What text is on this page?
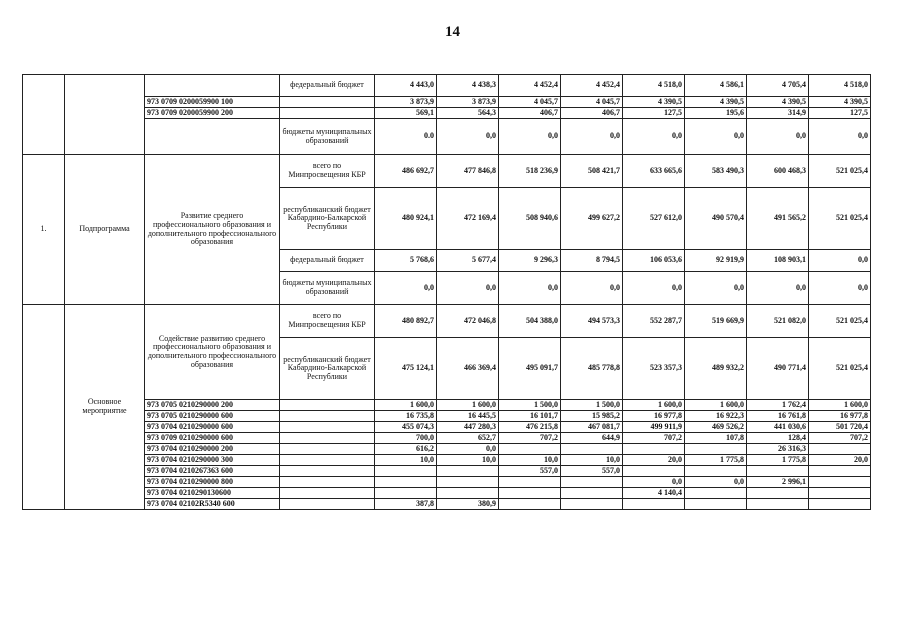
14
			федеральный бюджет	4 443,0	4 438,3	4 452,4	4 452,4	4 518,0	4 586,1	4 705,4	4 518,0
		973 0709 0200059900 100		3 873,9	3 873,9	4 045,7	4 045,7	4 390,5	4 390,5	4 390,5	4 390,5
		973 0709 0200059900 200		569,1	564,3	406,7	406,7	127,5	195,6	314,9	127,5
			бюджеты муниципальных образований	0.0	0,0	0,0	0,0	0,0	0,0	0,0	0,0
1.	Подпрограмма	Развитие среднего профессионального образования и дополнительного профессионального образования	всего по Минпросвещения КБР	486 692,7	477 846,8	518 236,9	508 421,7	633 665,6	583 490,3	600 468,3	521 025,4
			республиканский бюджет Кабардино-Балкарской Республики	480 924,1	472 169,4	508 940,6	499 627,2	527 612,0	490 570,4	491 565,2	521 025,4
			федеральный бюджет	5 768,6	5 677,4	9 296,3	8 794,5	106 053,6	92 919,9	108 903,1	0,0
			бюджеты муниципальных образований	0,0	0,0	0,0	0,0	0,0	0,0	0,0	0,0
	Основное мероприятие	Содействие развитию среднего профессионального образования и дополнительного профессионального образования	всего по Минпросвещения КБР	480 892,7	472 046,8	504 388,0	494 573,3	552 287,7	519 669,9	521 082,0	521 025,4
			республиканский бюджет Кабардино-Балкарской Республики	475 124,1	466 369,4	495 091,7	485 778,8	523 357,3	489 932,2	490 771,4	521 025,4
		973 0705 0210290000 200		1 600,0	1 600,0	1 500,0	1 500,0	1 600,0	1 600,0	1 762,4	1 600,0
		973 0705 0210290000 600		16 735,8	16 445,5	16 101,7	15 985,2	16 977,8	16 922,3	16 761,8	16 977,8
		973 0704 0210290000 600		455 074,3	447 280,3	476 215,8	467 081,7	499 911,9	469 526,2	441 030,6	501 720,4
		973 0709 0210290000 600		700,0	652,7	707,2	644,9	707,2	107,8	128,4	707,2
		973 0704 0210290000 200		616,2	0,0					26 316,3	
		973 0704 0210290000 300		10,0	10,0	10,0	10,0	20,0	1 775,8	1 775,8	20,0
		973 0704 0210267363 600				557,0	557,0				
		973 0704 0210290000 800						0,0	0,0	2 996,1	
		973 0704 0210290130600						4 140,4			
		973 0704 02102R5340 600		387,8	380,9						
